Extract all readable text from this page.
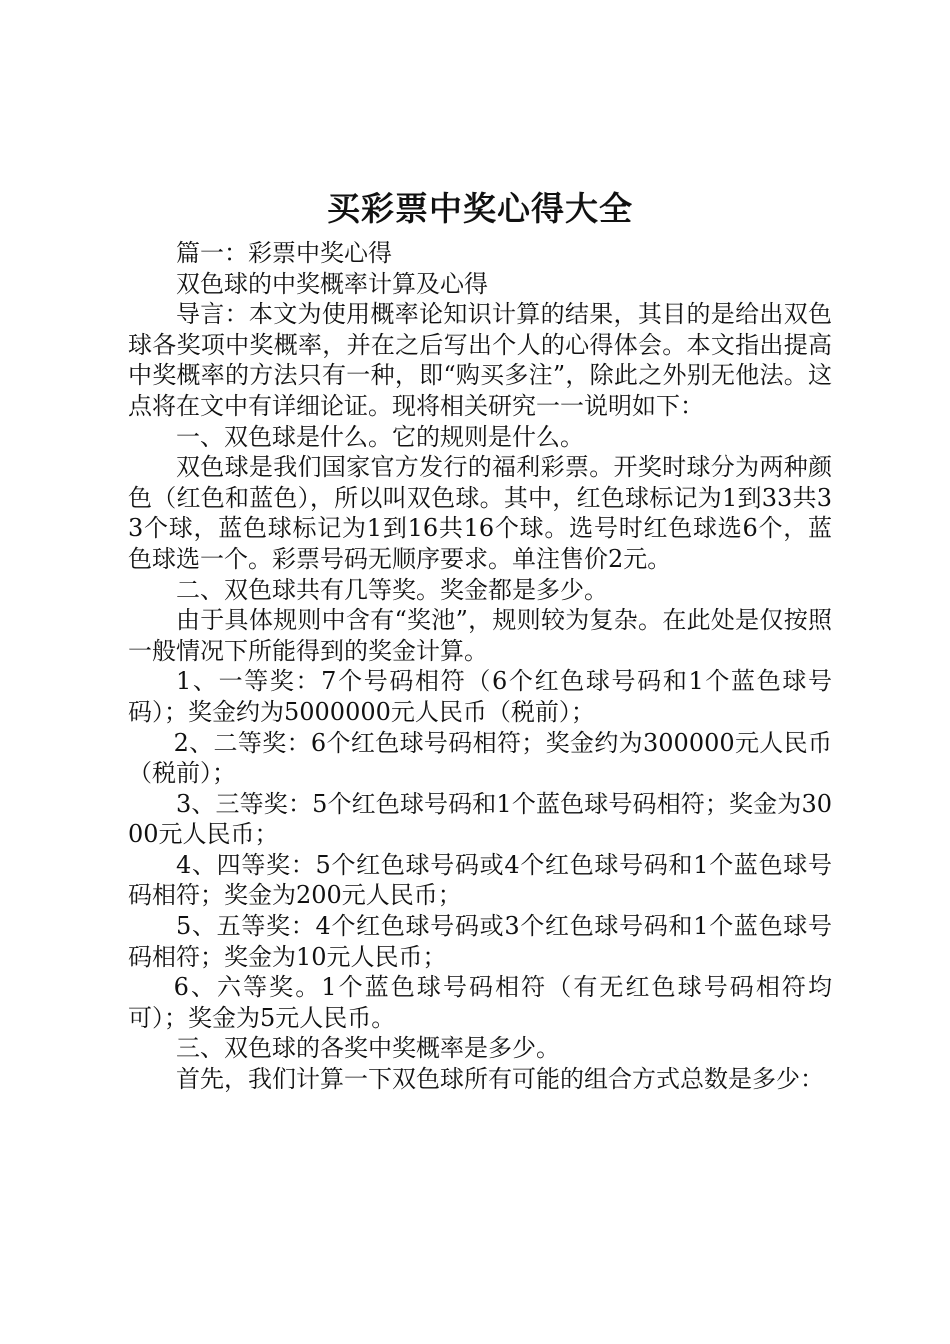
买彩票中奖心得大全

篇一：彩票中奖心得

双色球的中奖概率计算及心得

导言：本文为使用概率论知识计算的结果，其目的是给出双色球各奖项中奖概率，并在之后写出个人的心得体会。本文指出提高中奖概率的方法只有一种，即“购买多注”，除此之外别无他法。这点将在文中有详细论证。现将相关研究一一说明如下：

一、双色球是什么。它的规则是什么。

双色球是我们国家官方发行的福利彩票。开奖时球分为两种颜色（红色和蓝色），所以叫双色球。其中，红色球标记为1到33共33个球，蓝色球标记为1到16共16个球。选号时红色球选6个，蓝色球选一个。彩票号码无顺序要求。单注售价2元。

二、双色球共有几等奖。奖金都是多少。

由于具体规则中含有“奖池”，规则较为复杂。在此处是仅按照一般情况下所能得到的奖金计算。

1、一等奖：7个号码相符（6个红色球号码和1个蓝色球号码）；奖金约为5000000元人民币（税前）；

2、二等奖：6个红色球号码相符；奖金约为300000元人民币（税前）；

3、三等奖：5个红色球号码和1个蓝色球号码相符；奖金为3000元人民币；

4、四等奖：5个红色球号码或4个红色球号码和1个蓝色球号码相符；奖金为200元人民币；

5、五等奖：4个红色球号码或3个红色球号码和1个蓝色球号码相符；奖金为10元人民币；

6、六等奖。1个蓝色球号码相符（有无红色球号码相符均可）；奖金为5元人民币。

三、双色球的各奖中奖概率是多少。

首先，我们计算一下双色球所有可能的组合方式总数是多少：
